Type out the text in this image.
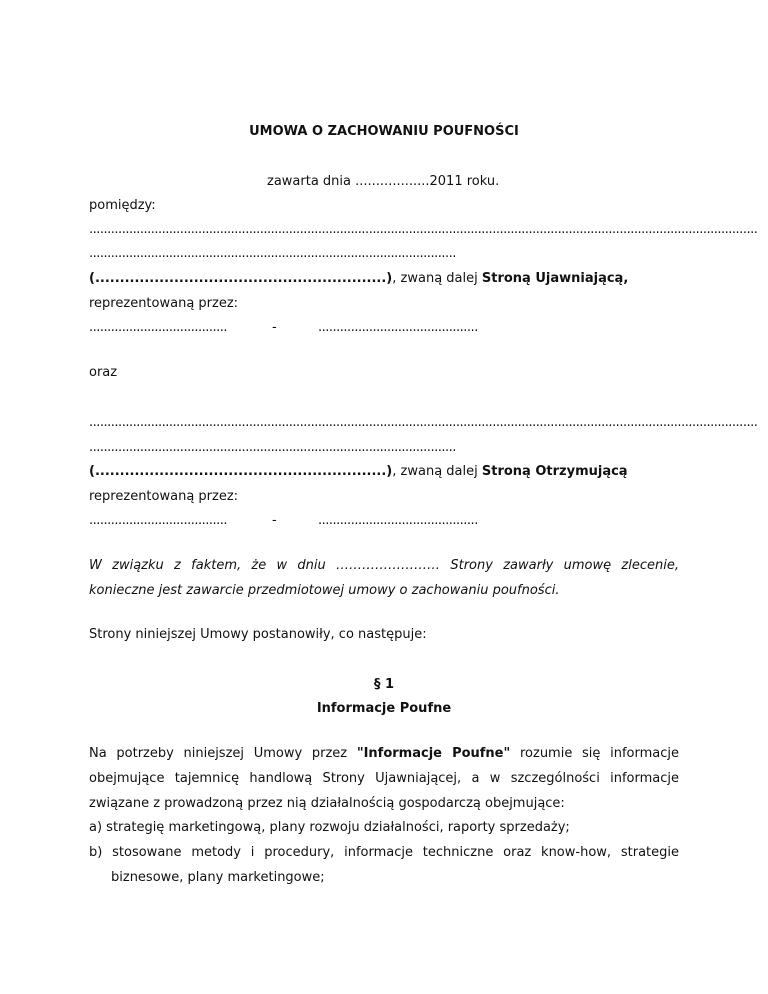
UMOWA O ZACHOWANIU POUFNOŚCI
zawarta dnia ..................2011 roku.
pomiędzy:
........................................................................................................................................................................................
.....................................................................................................
(...........................................................), zwaną dalej Stroną Ujawniającą,
reprezentowaną przez:
......................................	-	............................................
oraz
........................................................................................................................................................................................
.....................................................................................................
(...........................................................), zwaną dalej Stroną Otrzymującą
reprezentowaną przez:
......................................	-	............................................
W związku z faktem, że w dniu …………………… Strony zawarły umowę zlecenie,
konieczne jest zawarcie przedmiotowej umowy o zachowaniu poufności.
Strony niniejszej Umowy postanowiły, co następuje:
§ 1
Informacje Poufne
Na potrzeby niniejszej Umowy przez "Informacje Poufne" rozumie się informacje
obejmujące tajemnicę handlową Strony Ujawniającej, a w szczególności informacje
związane z prowadzoną przez nią działalnością gospodarczą obejmujące:
a) strategię marketingową, plany rozwoju działalności, raporty sprzedaży;
b) stosowane metody i procedury, informacje techniczne oraz know-how, strategie
biznesowe, plany marketingowe;
